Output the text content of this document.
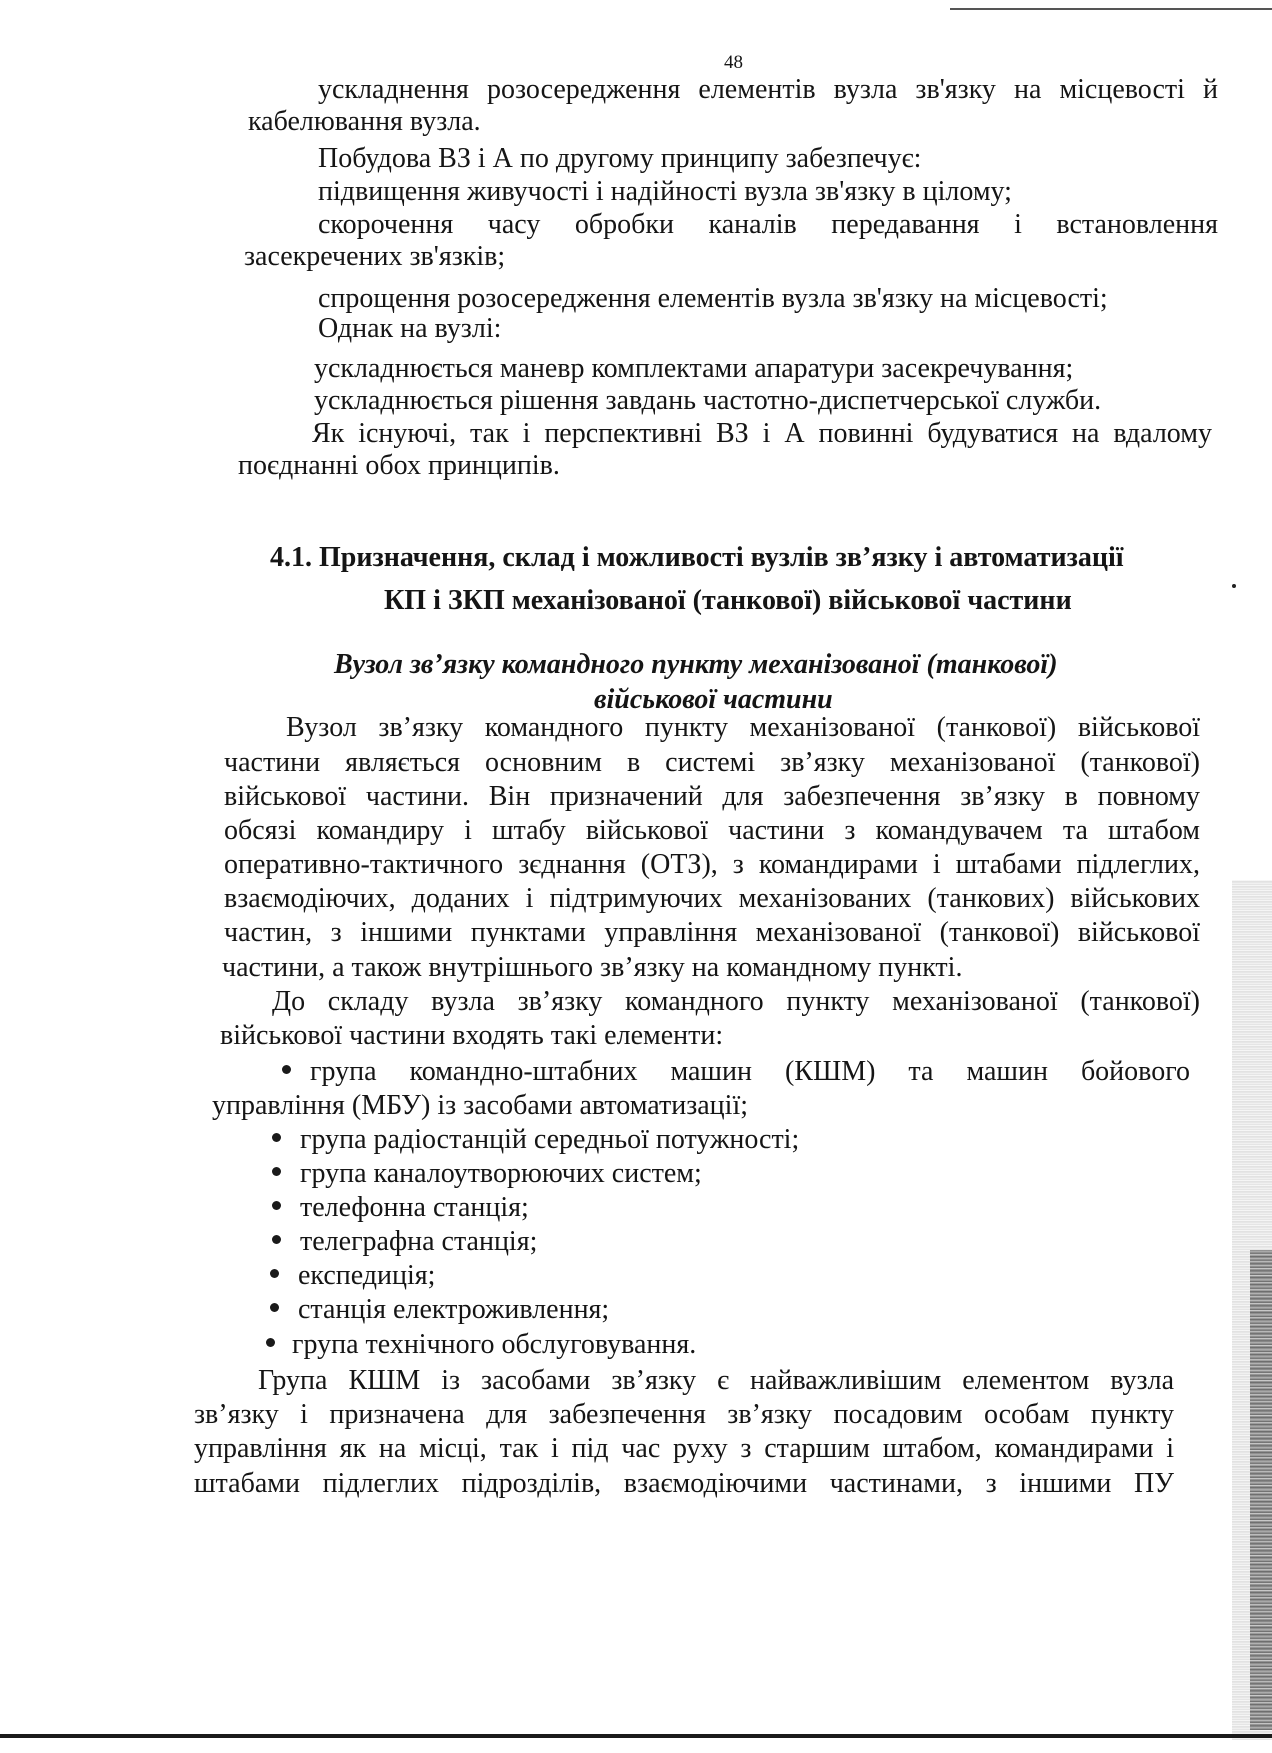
48
ускладнення розосередження елементів вузла зв'язку на місцевості й
кабелювання вузла.
Побудова ВЗ і А по другому принципу забезпечує:
підвищення живучості і надійності вузла зв'язку в цілому;
скорочення часу обробки каналів передавання і встановлення
засекречених зв'язків;
спрощення розосередження елементів вузла зв'язку на місцевості;
Однак на вузлі:
ускладнюється маневр комплектами апаратури засекречування;
ускладнюється рішення завдань частотно-диспетчерської служби.
Як існуючі, так і перспективні ВЗ і А повинні будуватися на вдалому
поєднанні обох принципів.
4.1. Призначення, склад і можливості вузлів зв’язку і автоматизації
КП і ЗКП механізованої (танкової) військової частини
Вузол зв’язку командного пункту механізованої (танкової)
військової частини
Вузол зв’язку командного пункту механізованої (танкової) військової
частини являється основним в системі зв’язку механізованої (танкової)
військової частини. Він призначений для забезпечення зв’язку в повному
обсязі командиру і штабу військової частини з командувачем та штабом
оперативно-тактичного зєднання (ОТЗ), з командирами і штабами підлеглих,
взаємодіючих, доданих і підтримуючих механізованих (танкових) військових
частин, з іншими пунктами управління механізованої (танкової) військової
частини, а також внутрішнього зв’язку на командному пункті.
До складу вузла зв’язку командного пункту механізованої (танкової)
військової частини входять такі елементи:
група командно-штабних машин (КШМ) та машин бойового
управління (МБУ) із засобами автоматизації;
група радіостанцій середньої потужності;
група каналоутворюючих систем;
телефонна станція;
телеграфна станція;
експедиція;
станція електроживлення;
група технічного обслуговування.
Група КШМ із засобами зв’язку є найважливішим елементом вузла
зв’язку і призначена для забезпечення зв’язку посадовим особам пункту
управління як на місці, так і під час руху з старшим штабом, командирами і
штабами підлеглих підрозділів, взаємодіючими частинами, з іншими ПУ
